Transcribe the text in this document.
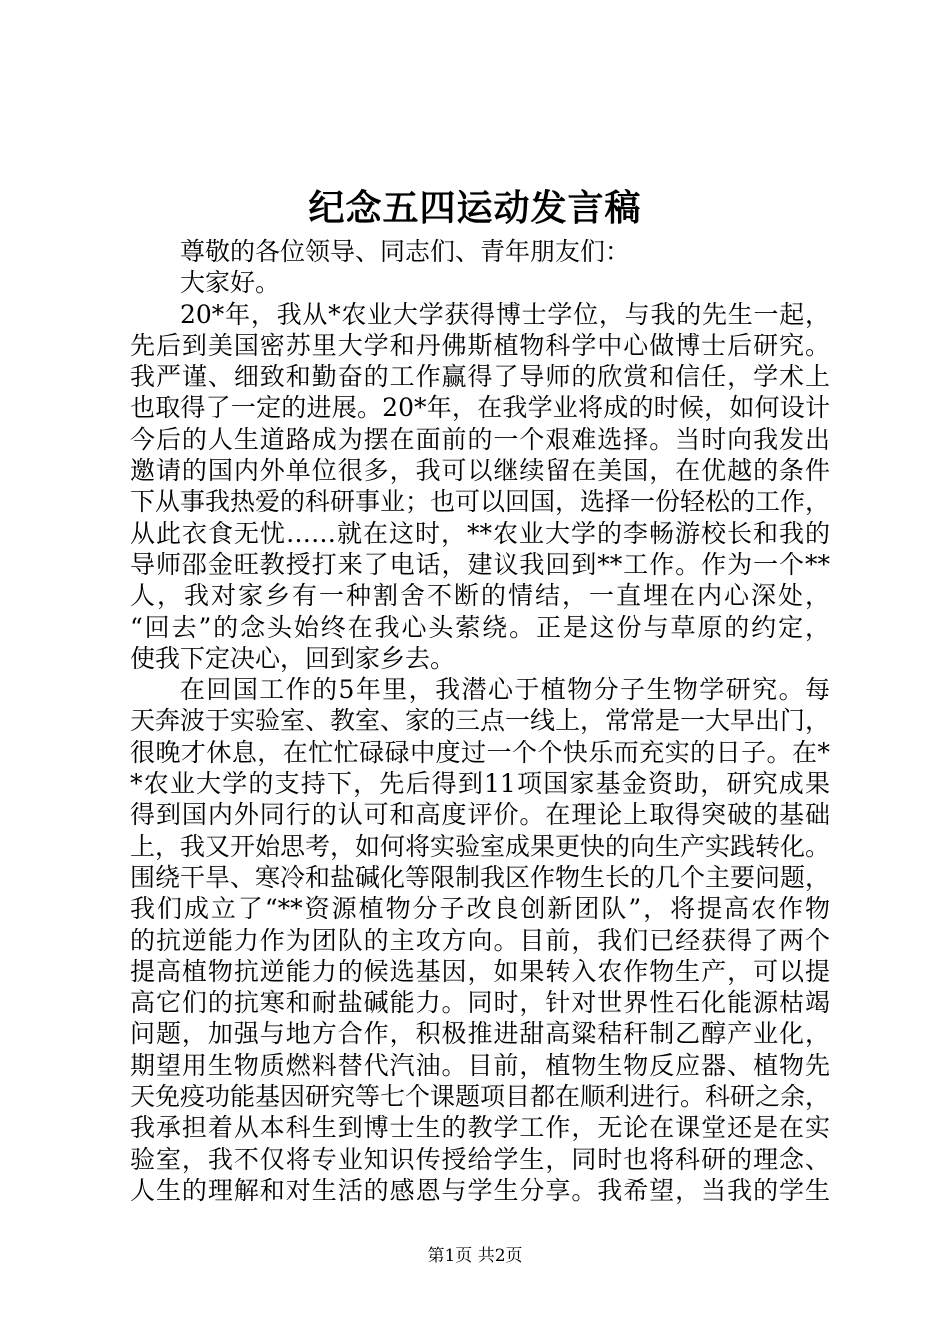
纪念五四运动发言稿
尊敬的各位领导、同志们、青年朋友们：
大家好。
20*年，我从*农业大学获得博士学位，与我的先生一起，
先后到美国密苏里大学和丹佛斯植物科学中心做博士后研究。
我严谨、细致和勤奋的工作赢得了导师的欣赏和信任，学术上
也取得了一定的进展。20*年，在我学业将成的时候，如何设计
今后的人生道路成为摆在面前的一个艰难选择。当时向我发出
邀请的国内外单位很多，我可以继续留在美国，在优越的条件
下从事我热爱的科研事业；也可以回国，选择一份轻松的工作，
从此衣食无忧……就在这时，**农业大学的李畅游校长和我的
导师邵金旺教授打来了电话，建议我回到**工作。作为一个**
人，我对家乡有一种割舍不断的情结，一直埋在内心深处，
“回去”的念头始终在我心头萦绕。正是这份与草原的约定，
使我下定决心，回到家乡去。
在回国工作的5年里，我潜心于植物分子生物学研究。每
天奔波于实验室、教室、家的三点一线上，常常是一大早出门，
很晚才休息，在忙忙碌碌中度过一个个快乐而充实的日子。在*
*农业大学的支持下，先后得到11项国家基金资助，研究成果
得到国内外同行的认可和高度评价。在理论上取得突破的基础
上，我又开始思考，如何将实验室成果更快的向生产实践转化。
围绕干旱、寒冷和盐碱化等限制我区作物生长的几个主要问题，
我们成立了“**资源植物分子改良创新团队”，将提高农作物
的抗逆能力作为团队的主攻方向。目前，我们已经获得了两个
提高植物抗逆能力的候选基因，如果转入农作物生产，可以提
高它们的抗寒和耐盐碱能力。同时，针对世界性石化能源枯竭
问题，加强与地方合作，积极推进甜高粱秸秆制乙醇产业化，
期望用生物质燃料替代汽油。目前，植物生物反应器、植物先
天免疫功能基因研究等七个课题项目都在顺利进行。科研之余，
我承担着从本科生到博士生的教学工作，无论在课堂还是在实
验室，我不仅将专业知识传授给学生，同时也将科研的理念、
人生的理解和对生活的感恩与学生分享。我希望，当我的学生
第1页 共2页
